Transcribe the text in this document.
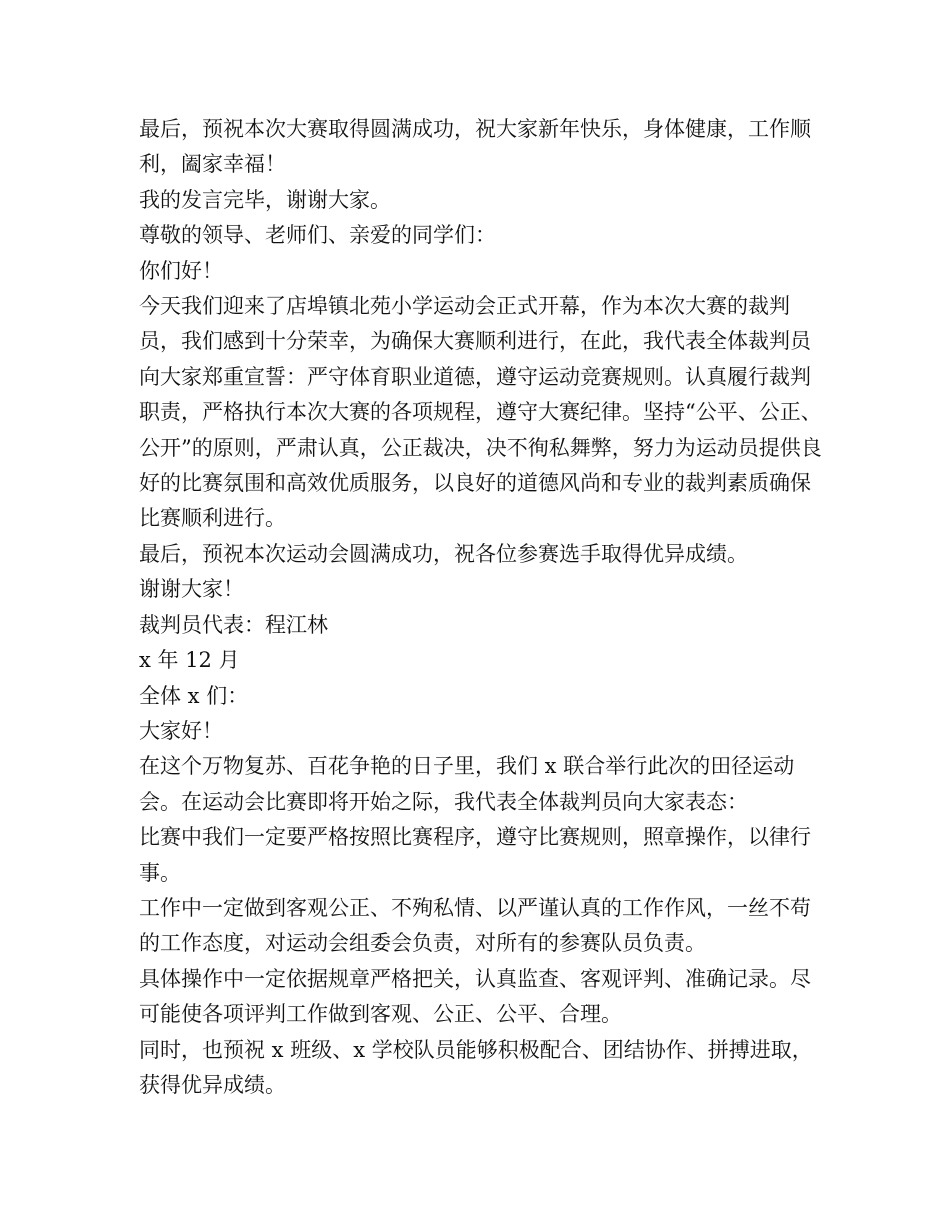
最后，预祝本次大赛取得圆满成功，祝大家新年快乐，身体健康，工作顺利，阖家幸福！

我的发言完毕，谢谢大家。

尊敬的领导、老师们、亲爱的同学们：

你们好！

今天我们迎来了店埠镇北苑小学运动会正式开幕，作为本次大赛的裁判员，我们感到十分荣幸，为确保大赛顺利进行，在此，我代表全体裁判员向大家郑重宣誓：严守体育职业道德，遵守运动竞赛规则。认真履行裁判职责，严格执行本次大赛的各项规程，遵守大赛纪律。坚持“公平、公正、公开”的原则，严肃认真，公正裁决，决不徇私舞弊，努力为运动员提供良好的比赛氛围和高效优质服务，以良好的道德风尚和专业的裁判素质确保比赛顺利进行。

最后，预祝本次运动会圆满成功，祝各位参赛选手取得优异成绩。

谢谢大家！

裁判员代表：程江林

x 年 12 月

全体 x 们：

大家好！

在这个万物复苏、百花争艳的日子里，我们 x 联合举行此次的田径运动会。在运动会比赛即将开始之际，我代表全体裁判员向大家表态：

比赛中我们一定要严格按照比赛程序，遵守比赛规则，照章操作，以律行事。

工作中一定做到客观公正、不殉私情、以严谨认真的工作作风，一丝不苟的工作态度，对运动会组委会负责，对所有的参赛队员负责。

具体操作中一定依据规章严格把关，认真监查、客观评判、准确记录。尽可能使各项评判工作做到客观、公正、公平、合理。

同时，也预祝 x 班级、x 学校队员能够积极配合、团结协作、拼搏进取，获得优异成绩。
